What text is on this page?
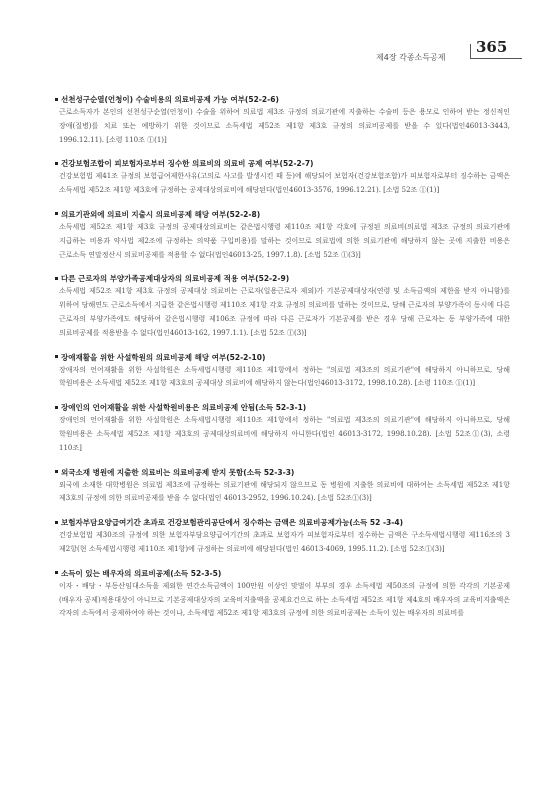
제4장 각종소득공제
365
선천성구순열(언청이) 수술비용의 의료비공제 가능 여부(52-2-6)
근로소득자가 본인의 선천성구순열(언청이) 수술을 위하여 의료법 제3조 규정의 의료기관에 지출하는 수술비 등은 용모로 인하여 받는 정신적인 장애(질병)를 치료 또는 예방하기 위한 것이므로 소득세법 제52조 제1항 제3호 규정의 의료비공제를 받을 수 있다(법인46013-3443, 1996.12.11). [소령 110조 ①(1)]
건강보험조합이 피보험자로부터 징수한 의료비의 의료비 공제 여부(52-2-7)
건강보험법 제41조 규정의 보험급여제한사유(고의로 사고를 발생시킨 때 등)에 해당되어 보험자(건강보험조합)가 피보험자로부터 징수하는 금액은 소득세법 제52조 제1항 제3호에 규정하는 공제대상의료비에 해당된다(법인46013-3576, 1996.12.21). [소법 52조 ①(1)]
의료기관외에 의료비 지출시 의료비공제 해당 여부(52-2-8)
소득세법 제52조 제1항 제3호 규정의 공제대상의료비는 같은법시행령 제110조 제1항 각호에 규정된 의료비(의료법 제3조 규정의 의료기관에 지급하는 비용과 약사법 제2조에 규정하는 의약품 구입비용)를 말하는 것이므로 의료법에 의한 의료기관에 해당하지 않는 곳에 지출한 비용은 근로소득 연말정산시 의료비공제를 적용할 수 없다(법인46013-25, 1997.1.8). [소법 52조 ①(3)]
다른 근로자의 부양가족공제대상자의 의료비공제 적용 여부(52-2-9)
소득세법 제52조 제1항 제3호 규정의 공제대상 의료비는 근로자(일용근로자 제외)가 기본공제대상자(연령 및 소득금액의 제한을 받지 아니함)를 위하여 당해연도 근로소득에서 지급한 같은법시행령 제110조 제1항 각호 규정의 의료비를 말하는 것이므로, 당해 근로자의 부양가족이 동시에 다른 근로자의 부양가족에도 해당하여 같은법시행령 제106조 규정에 따라 다른 근로자가 기본공제를 받은 경우 당해 근로자는 동 부양가족에 대한 의료비공제를 적용받을 수 없다(법인46013-162, 1997.1.1). [소법 52조 ①(3)]
장애재활을 위한 사설학원의 의료비공제 해당 여부(52-2-10)
장애자의 언어재활을 위한 사설학원은 소득세법시행령 제110조 제1항에서 정하는 "의료법 제3조의 의료기관"에 해당하지 아니하므로, 당해 학원비용은 소득세법 제52조 제1항 제3호의 공제대상 의료비에 해당하지 않는다(법인46013-3172, 1998.10.28). [소령 110조 ①(1)]
장애인의 언어재활을 위한 사설학원비용은 의료비공제 안됨(소득 52-3-1)
장애인의 언어재활을 위한 사설학원은 소득세법시행령 제110조 제1항에서 정하는 "의료법 제3조의 의료기관"에 해당하지 아니하므로, 당해 학원비용은 소득세법 제52조 제1항 제3호의 공제대상의료비에 해당하지 아니한다(법인 46013-3172, 1998.10.28). [소법 52조①(3), 소령 110조]
외국소재 병원에 지출한 의료비는 의료비공제 받지 못함(소득 52-3-3)
외국에 소재한 대학병원은 의료법 제3조에 규정하는 의료기관에 해당되지 않으므로 동 병원에 지출한 의료비에 대하여는 소득세법 제52조 제1항 제3호의 규정에 의한 의료비공제를 받을 수 없다(법인 46013-2952, 1996.10.24). [소법 52조①(3)]
보험자부담요양급여기간 초과로 건강보험관리공단에서 징수하는 금액은 의료비공제가능(소득 52 -3-4)
건강보험법 제30조의 규정에 의한 보험자부담요양급여기간의 초과로 보험자가 피보험자로부터 징수하는 금액은 구소득세법시행령 제116조의 3 제2항(현 소득세법시행령 제110조 제1항)에 규정하는 의료비에 해당된다(법인 46013-4069, 1995.11.2). [소법 52조①(3)]
소득이 있는 배우자의 의료비공제(소득 52-3-5)
이자・배당・부동산임대소득을 제외한 연간소득금액이 100만원 이상인 맞벌이 부부의 경우 소득세법 제50조의 규정에 의한 각각의 기본공제(배우자 공제)적용대상이 아니므로 기본공제대상자의 교육비지출액을 공제요건으로 하는 소득세법 제52조 제1항 제4호의 배우자의 교육비지출액은 각자의 소득에서 공제하여야 하는 것이나, 소득세법 제52조 제1항 제3호의 규정에 의한 의료비공제는 소득이 있는 배우자의 의료비를
